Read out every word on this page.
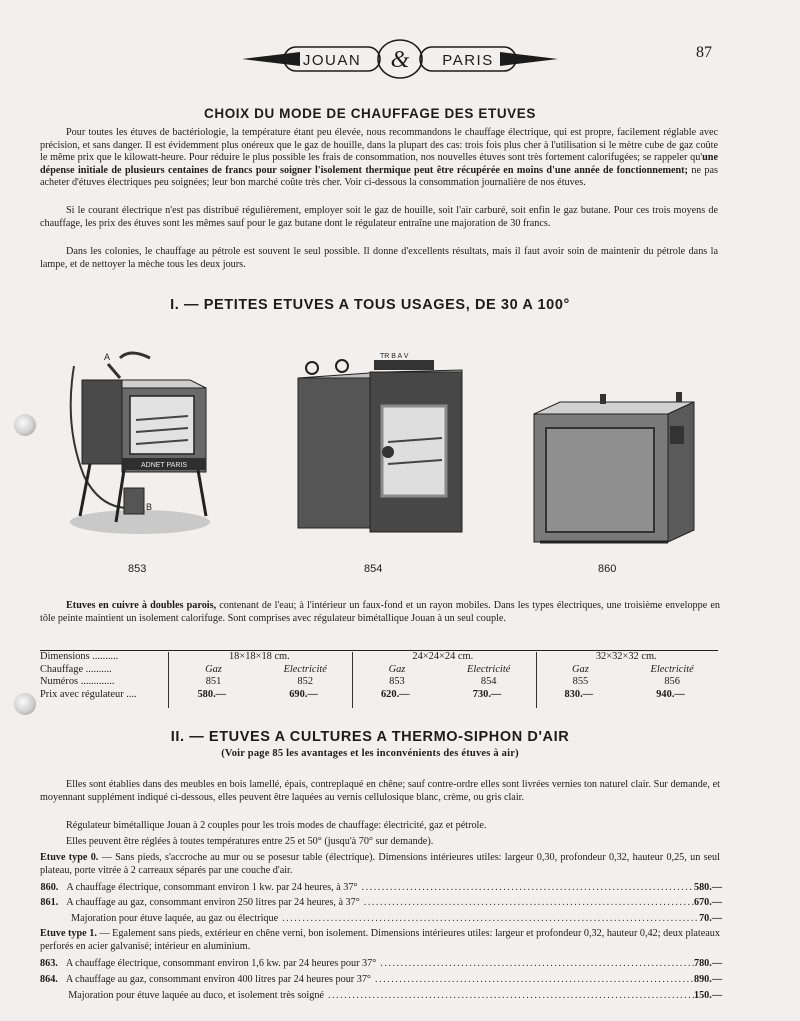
JOUAN & PARIS	87
CHOIX DU MODE DE CHAUFFAGE DES ETUVES
Pour toutes les étuves de bactériologie, la température étant peu élevée, nous recommandons le chauffage électrique, qui est propre, facilement réglable avec précision, et sans danger. Il est évidemment plus onéreux que le gaz de houille, dans la plupart des cas: trois fois plus cher à l'utilisation si le mètre cube de gaz coûte le même prix que le kilowatt-heure. Pour réduire le plus possible les frais de consommation, nos nouvelles étuves sont très fortement calorifugées; se rappeler qu'une dépense initiale de plusieurs centaines de francs pour soigner l'isolement thermique peut être récupérée en moins d'une année de fonctionnement; ne pas acheter d'étuves électriques peu soignées; leur bon marché coûte très cher. Voir ci-dessous la consommation journalière de nos étuves.
Si le courant électrique n'est pas distribué régulièrement, employer soit le gaz de houille, soit l'air carburé, soit enfin le gaz butane. Pour ces trois moyens de chauffage, les prix des étuves sont les mêmes sauf pour le gaz butane dont le régulateur entraîne une majoration de 30 francs.
Dans les colonies, le chauffage au pétrole est souvent le seul possible. Il donne d'excellents résultats, mais il faut avoir soin de maintenir du pétrole dans la lampe, et de nettoyer la mèche tous les deux jours.
I. — PETITES ETUVES A TOUS USAGES, DE 30 A 100°
ADNET PARIS
A
B
853
TR B A V
854	860
Etuves en cuivre à doubles parois, contenant de l'eau; à l'intérieur un faux-fond et un rayon mobiles. Dans les types électriques, une troisième enveloppe en tôle peinte maintient un isolement calorifuge. Sont comprises avec régulateur bimétallique Jouan à un seul couple.
Dimensions ..........	18×18×18 cm.	24×24×24 cm.	32×32×32 cm.
Chauffage ..........	Gaz	Electricité	Gaz	Electricité	Gaz	Electricité
Numéros .............	851	852	853	854	855	856
Prix avec régulateur ....	580.—	690.—	620.—	730.—	830.—	940.—
II. — ETUVES A CULTURES A THERMO-SIPHON D'AIR
(Voir page 85 les avantages et les inconvénients des étuves à air)
Elles sont établies dans des meubles en bois lamellé, épais, contreplaqué en chêne; sauf contre-ordre elles sont livrées vernies ton naturel clair. Sur demande, et moyennant supplément indiqué ci-dessous, elles peuvent être laquées au vernis cellulosique blanc, crème, ou gris clair.
Régulateur bimétallique Jouan à 2 couples pour les trois modes de chauffage: électricité, gaz et pétrole.
Elles peuvent être réglées à toutes températures entre 25 et 50° (jusqu'à 70° sur demande).
Etuve type 0. — Sans pieds, s'accroche au mur ou se posesur table (électrique). Dimensions intérieures utiles: largeur 0,30, profondeur 0,32, hauteur 0,25, un seul plateau, porte vitrée à 2 carreaux séparés par une couche d'air.
860. A chauffage électrique, consommant environ 1 kw. par 24 heures, à 37° .....	580.—
861. A chauffage au gaz, consommant environ 250 litres par 24 heures, à 37° .....	670.—
Majoration pour étuve laquée, au gaz ou électrique .....	70.—
Etuve type 1. — Egalement sans pieds, extérieur en chêne verni, bon isolement. Dimensions intérieures utiles: largeur et profondeur 0,32, hauteur 0,42; deux plateaux perforés en acier galvanisé; intérieur en aluminium.
863. A chauffage électrique, consommant environ 1,6 kw. par 24 heures pour 37° .....	780.—
864. A chauffage au gaz, consommant environ 400 litres par 24 heures pour 37° .....	890.—
Majoration pour étuve laquée au duco, et isolement très soigné .....	150.—
